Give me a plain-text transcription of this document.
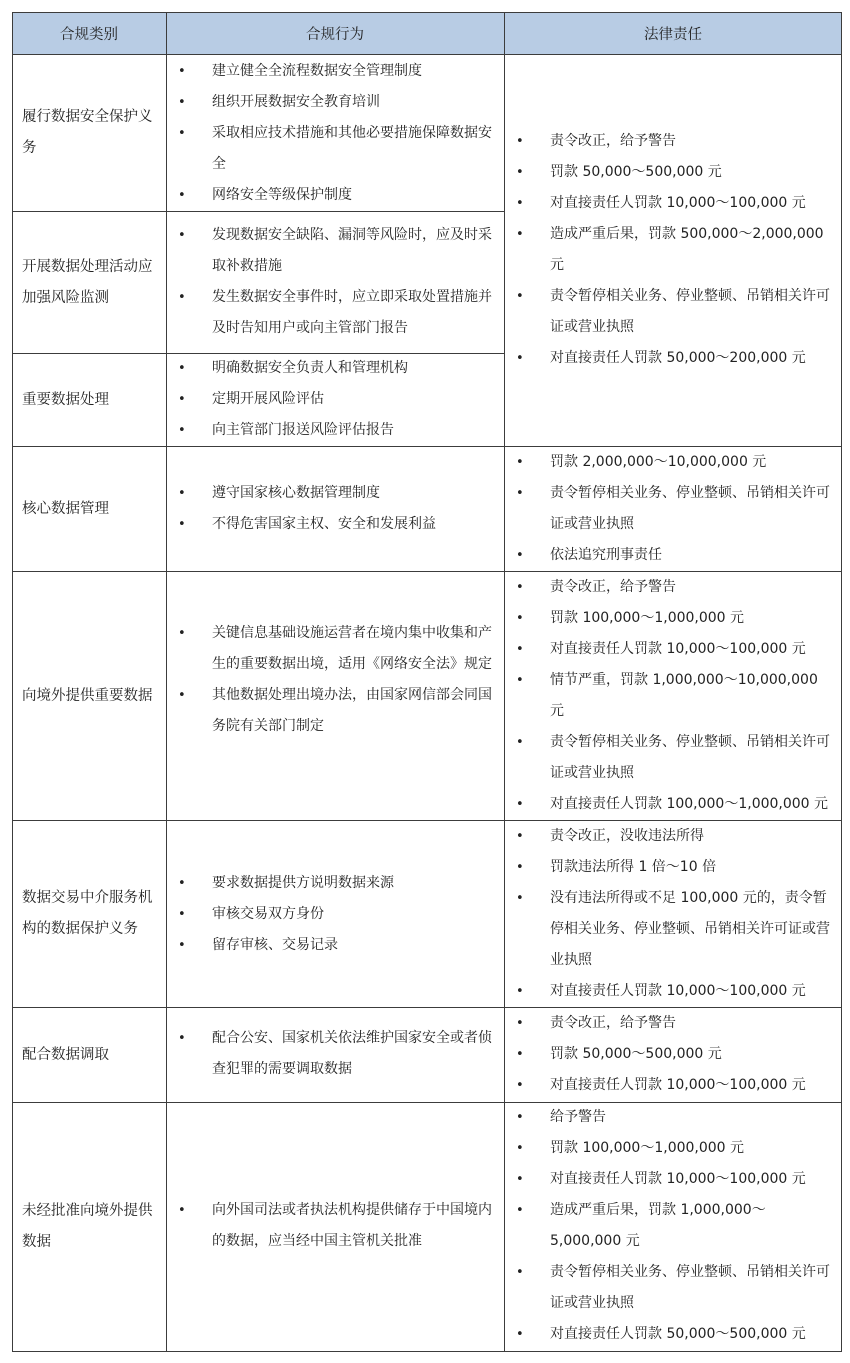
合规类别	合规行为	法律责任
履行数据安全保护义务
• 建立健全全流程数据安全管理制度
• 组织开展数据安全教育培训
• 采取相应技术措施和其他必要措施保障数据安全
• 网络安全等级保护制度
开展数据处理活动应加强风险监测
• 发现数据安全缺陷、漏洞等风险时，应及时采取补救措施
• 发生数据安全事件时，应立即采取处置措施并及时告知用户或向主管部门报告
重要数据处理
• 明确数据安全负责人和管理机构
• 定期开展风险评估
• 向主管部门报送风险评估报告
• 责令改正，给予警告
• 罚款 50,000～500,000 元
• 对直接责任人罚款 10,000～100,000 元
• 造成严重后果，罚款 500,000～2,000,000 元
• 责令暂停相关业务、停业整顿、吊销相关许可证或营业执照
• 对直接责任人罚款 50,000～200,000 元
核心数据管理
• 遵守国家核心数据管理制度
• 不得危害国家主权、安全和发展利益
• 罚款 2,000,000～10,000,000 元
• 责令暂停相关业务、停业整顿、吊销相关许可证或营业执照
• 依法追究刑事责任
向境外提供重要数据
• 关键信息基础设施运营者在境内集中收集和产生的重要数据出境，适用《网络安全法》规定
• 其他数据处理出境办法，由国家网信部会同国务院有关部门制定
• 责令改正，给予警告
• 罚款 100,000～1,000,000 元
• 对直接责任人罚款 10,000～100,000 元
• 情节严重，罚款 1,000,000～10,000,000 元
• 责令暂停相关业务、停业整顿、吊销相关许可证或营业执照
• 对直接责任人罚款 100,000～1,000,000 元
数据交易中介服务机构的数据保护义务
• 要求数据提供方说明数据来源
• 审核交易双方身份
• 留存审核、交易记录
• 责令改正，没收违法所得
• 罚款违法所得 1 倍～10 倍
• 没有违法所得或不足 100,000 元的，责令暂停相关业务、停业整顿、吊销相关许可证或营业执照
• 对直接责任人罚款 10,000～100,000 元
配合数据调取
• 配合公安、国家机关依法维护国家安全或者侦查犯罪的需要调取数据
• 责令改正，给予警告
• 罚款 50,000～500,000 元
• 对直接责任人罚款 10,000～100,000 元
未经批准向境外提供数据
• 向外国司法或者执法机构提供储存于中国境内的数据，应当经中国主管机关批准
• 给予警告
• 罚款 100,000～1,000,000 元
• 对直接责任人罚款 10,000～100,000 元
• 造成严重后果，罚款 1,000,000～5,000,000 元
• 责令暂停相关业务、停业整顿、吊销相关许可证或营业执照
• 对直接责任人罚款 50,000～500,000 元
